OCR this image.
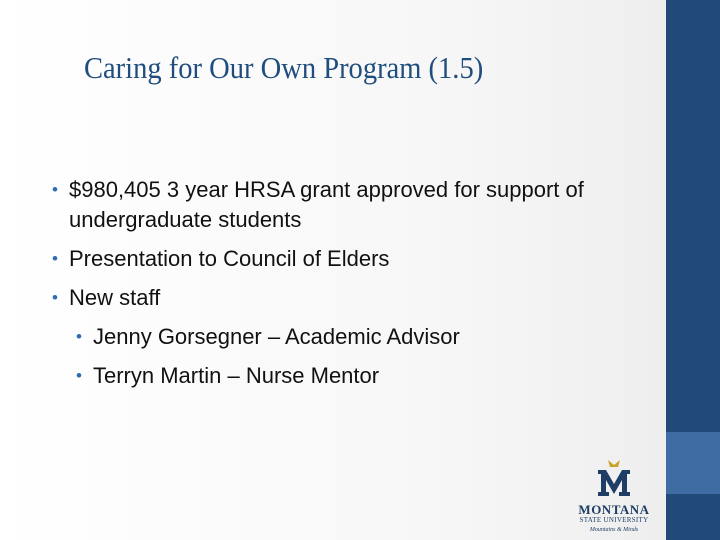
Caring for Our Own Program (1.5)
• $980,405 3 year HRSA grant approved for support of undergraduate students
• Presentation to Council of Elders
• New staff
• Jenny Gorsegner – Academic Advisor
• Terryn Martin – Nurse Mentor
MONTANA
STATE UNIVERSITY
Mountains & Minds
